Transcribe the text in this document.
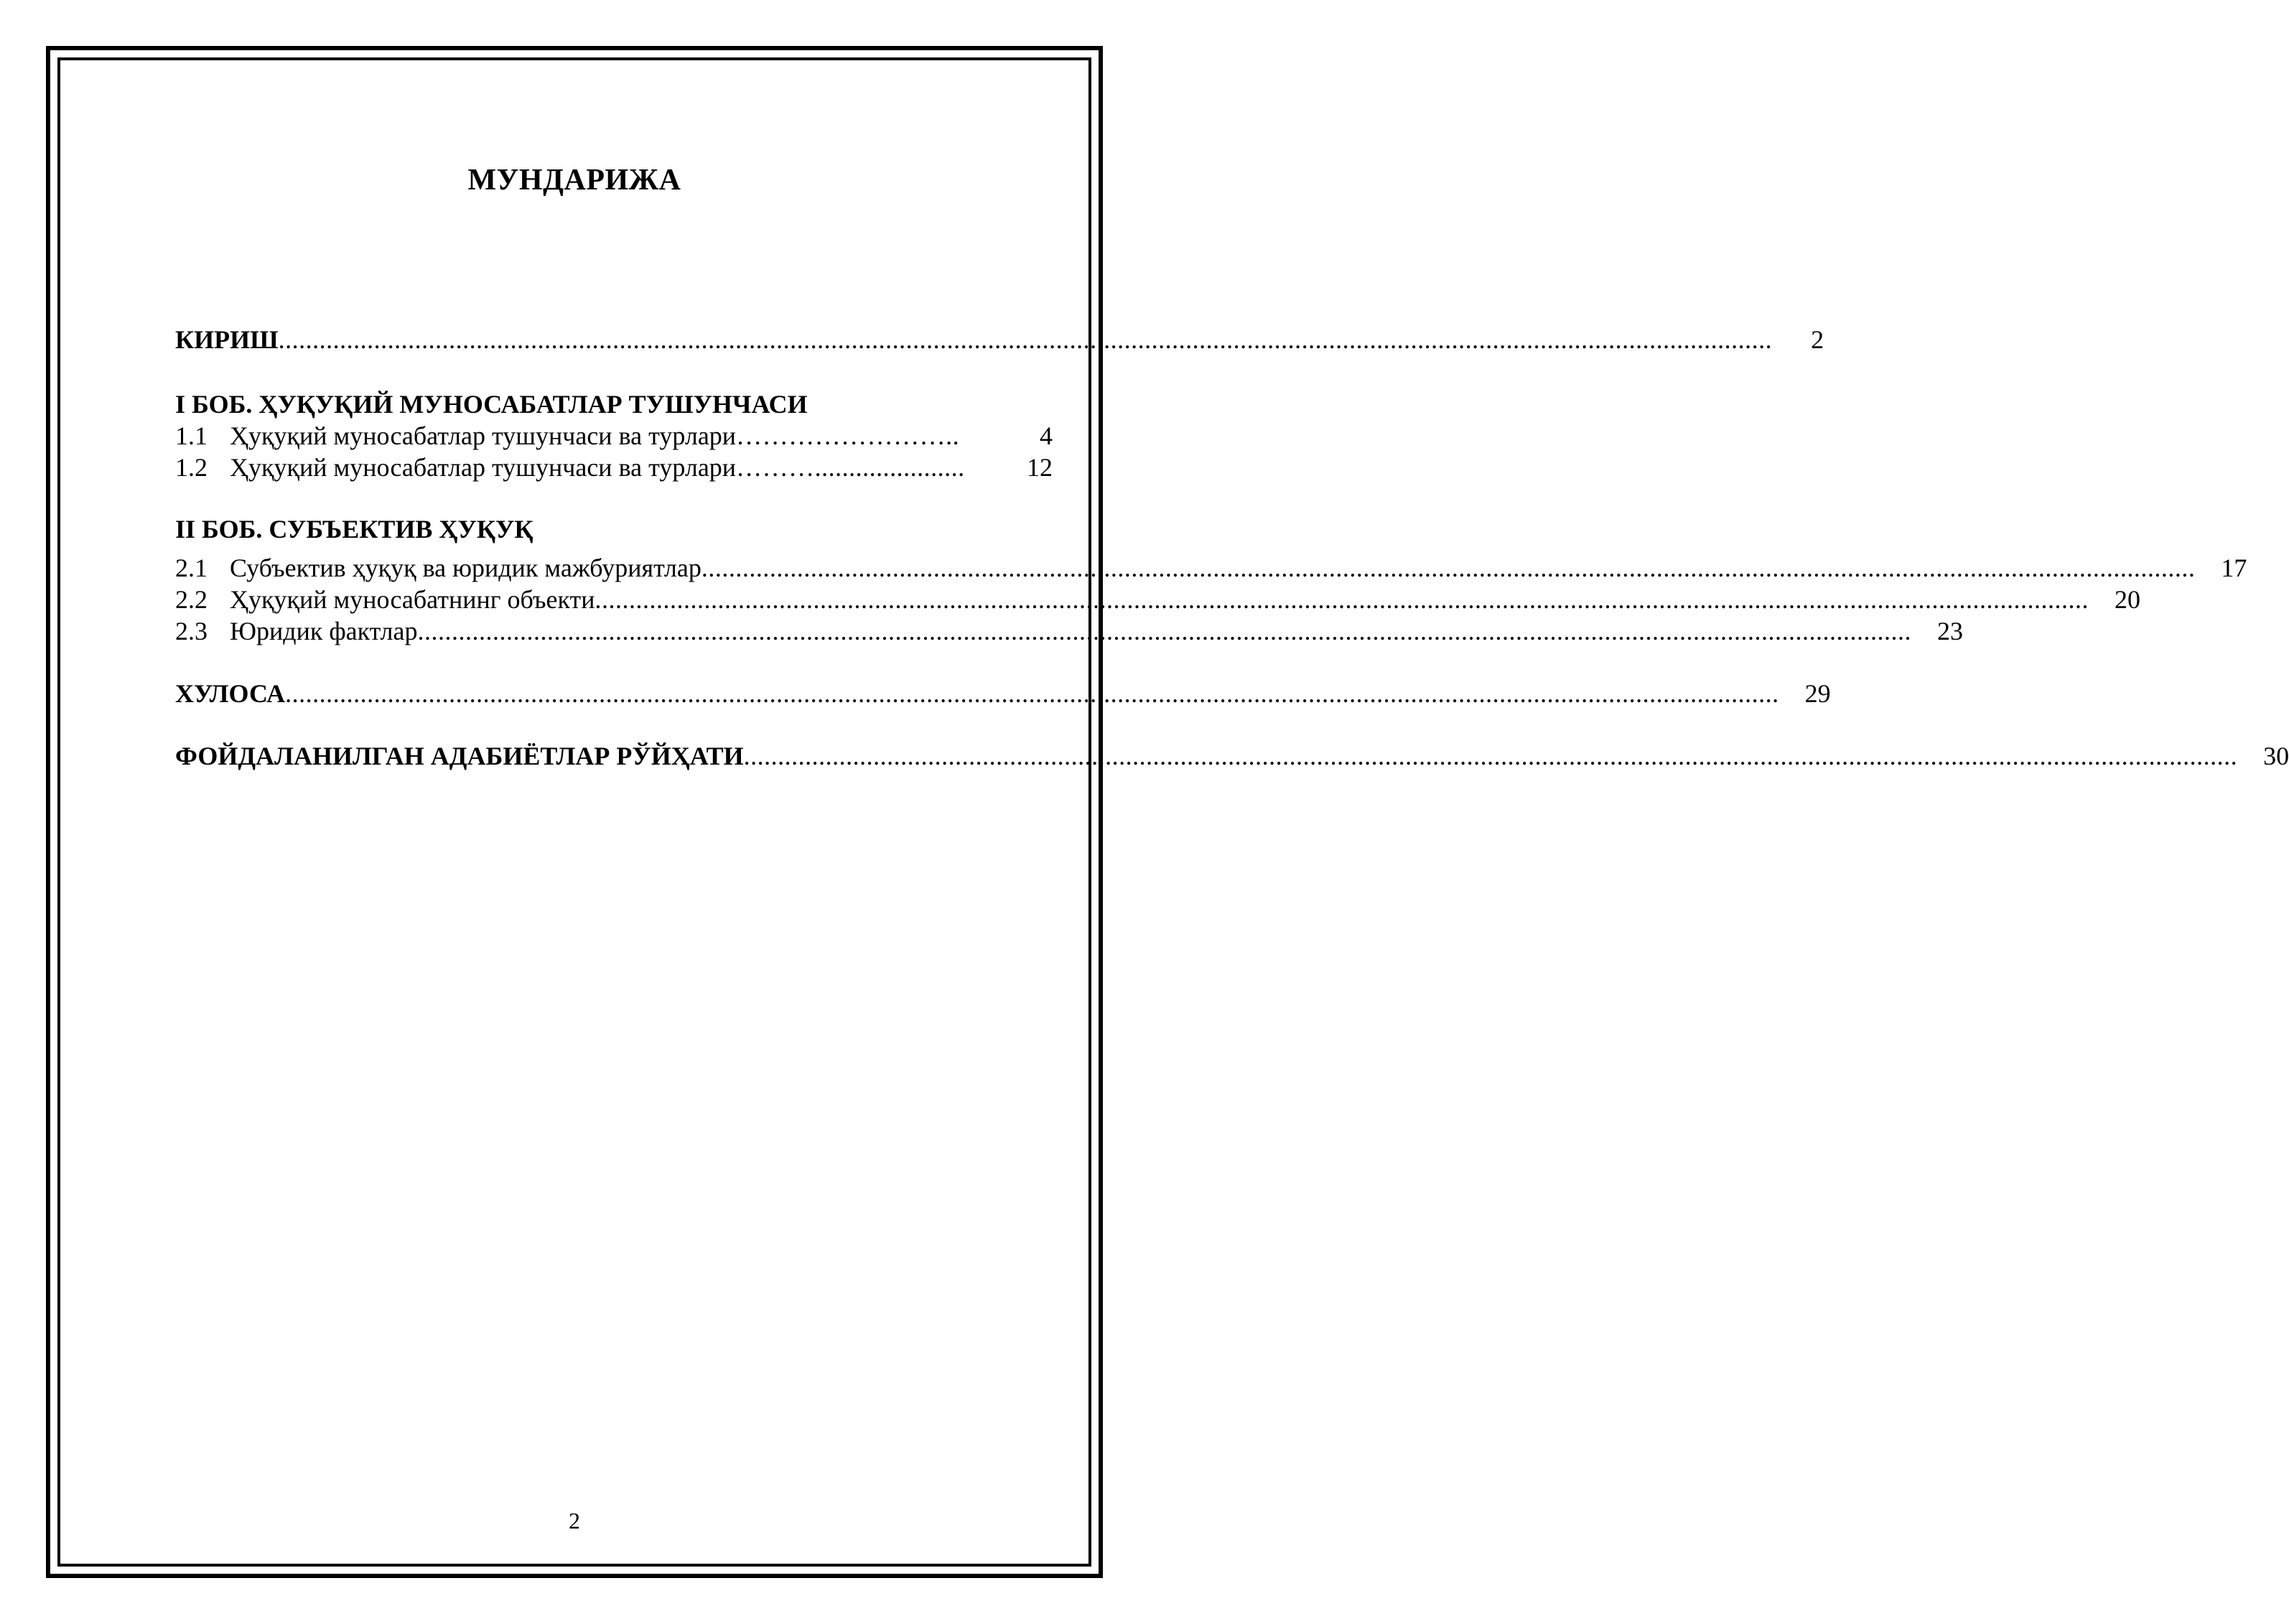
МУНДАРИЖА
КИРИШ ...........................................................................................................................................................................................................................	2
I БОБ. ҲУҚУҚИЙ МУНОСАБАТЛАР ТУШУНЧАСИ
1.1 Ҳуқуқий муносабатлар тушунчаси ва турлари ……………………..	4
1.2 Ҳуқуқий муносабатлар тушунчаси ва турлари ………......................	12
II БОБ. СУБЪЕКТИВ ҲУҚУҚ
2.1 Субъектив ҳуқуқ ва юридик мажбуриятлар ...........................................................................................................................................................................................................................	17
2.2 Ҳуқуқий муносабатнинг объекти ...........................................................................................................................................................................................................................	20
2.3 Юридик фактлар ...........................................................................................................................................................................................................................	23
ХУЛОСА ...........................................................................................................................................................................................................................	29
ФОЙДАЛАНИЛГАН АДАБИЁТЛАР РЎЙҲАТИ ...........................................................................................................................................................................................................................	30
2
